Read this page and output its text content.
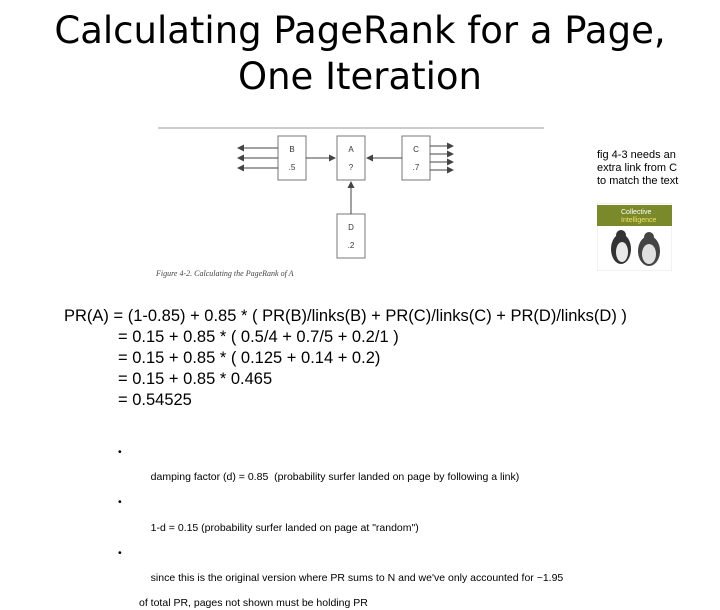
Calculating PageRank for a Page,
One Iteration
B
.5
A
?
C
.7
D
.2
Figure 4-2. Calculating the PageRank of A
fig 4-3 needs an
extra link from C
to match the text
Collective
Intelligence
PR(A) = (1-0.85) + 0.85 * ( PR(B)/links(B) + PR(C)/links(C) + PR(D)/links(D) )
= 0.15 + 0.85 * ( 0.5/4 + 0.7/5 + 0.2/1 )
= 0.15 + 0.85 * ( 0.125 + 0.14 + 0.2)
= 0.15 + 0.85 * 0.465
= 0.54525

•

damping factor (d) = 0.85  (probability surfer landed on page by following a link)

•

1-d = 0.15 (probability surfer landed on page at "random")

•

since this is the original version where PR sums to N and we've only accounted for ~1.95

of total PR, pages not shown must be holding PR
